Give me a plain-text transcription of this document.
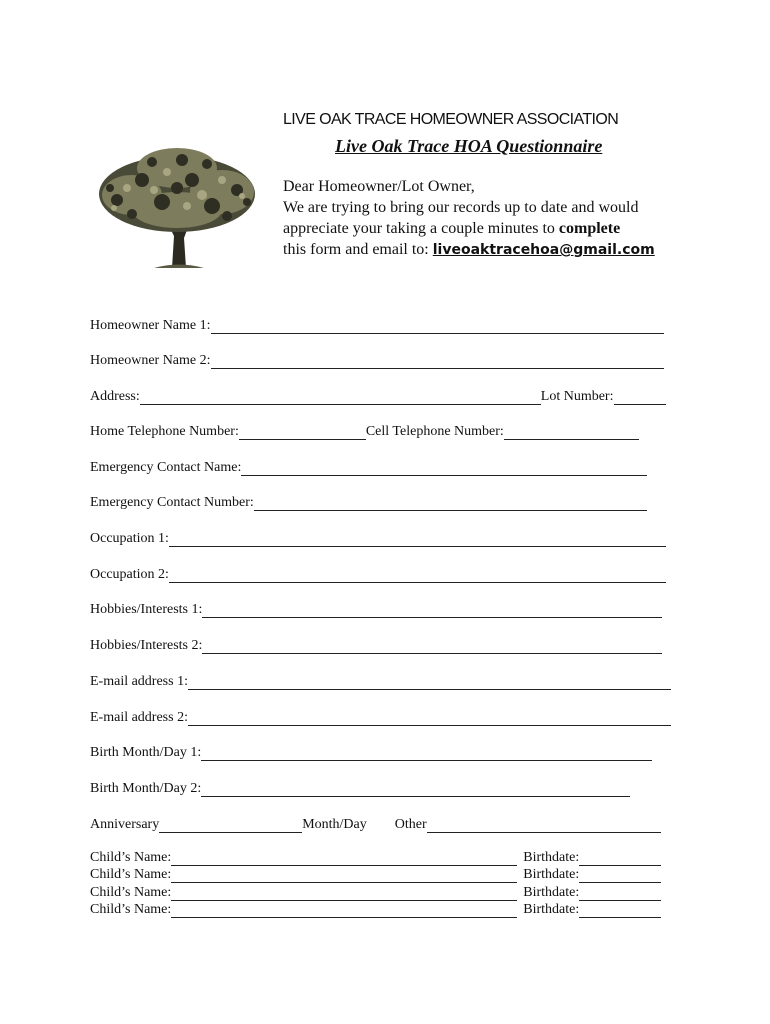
LIVE OAK TRACE HOMEOWNER ASSOCIATION
Live Oak Trace HOA Questionnaire
Dear Homeowner/Lot Owner,
We are trying to bring our records up to date and would
appreciate your taking a couple minutes to complete
this form and email to: liveoaktracehoa@gmail.com
Homeowner Name 1:
Homeowner Name 2:
Address:	Lot Number:
Home Telephone Number:	Cell Telephone Number:
Emergency Contact Name:
Emergency Contact Number:
Occupation 1:
Occupation 2:
Hobbies/Interests 1:
Hobbies/Interests 2:
E-mail address 1:
E-mail address 2:
Birth Month/Day 1:
Birth Month/Day 2:
Anniversary	Month/Day Other
Child’s Name:	Birthdate:
Child’s Name:	Birthdate:
Child’s Name:	Birthdate:
Child’s Name:	Birthdate:
